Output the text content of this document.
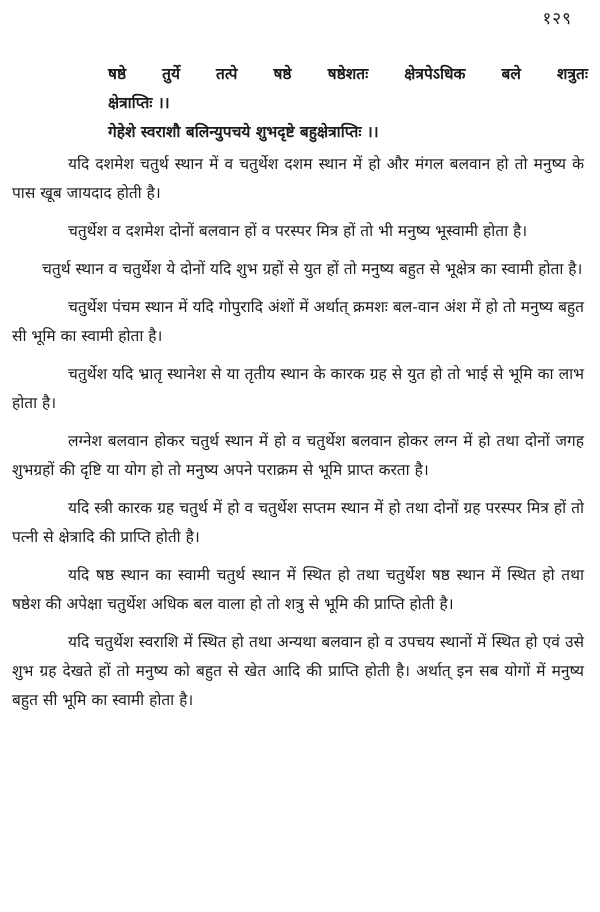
१२९
षष्ठे तुर्ये तत्पे षष्ठे षष्ठेशतः क्षेत्रपेऽधिक बले शत्रुतः
क्षेत्राप्तिः ।।
गेहेशे स्वराशौ बलिन्युपचये शुभदृष्टे बहुक्षेत्राप्तिः ।।

यदि दशमेश चतुर्थ स्थान में व चतुर्थेश दशम स्थान में हो और मंगल बलवान हो तो मनुष्य के पास खूब जायदाद होती है।

चतुर्थेश व दशमेश दोनों बलवान हों व परस्पर मित्र हों तो भी मनुष्य भूस्वामी होता है।

चतुर्थ स्थान व चतुर्थेश ये दोनों यदि शुभ ग्रहों से युत हों तो मनुष्य बहुत से भूक्षेत्र का स्वामी होता है।

चतुर्थेश पंचम स्थान में यदि गोपुरादि अंशों में अर्थात् क्रमशः बल-वान अंश में हो तो मनुष्य बहुत सी भूमि का स्वामी होता है।

चतुर्थेश यदि भ्रातृ स्थानेश से या तृतीय स्थान के कारक ग्रह से युत हो तो भाई से भूमि का लाभ होता है।

लग्नेश बलवान होकर चतुर्थ स्थान में हो व चतुर्थेश बलवान होकर लग्न में हो तथा दोनों जगह शुभग्रहों की दृष्टि या योग हो तो मनुष्य अपने पराक्रम से भूमि प्राप्त करता है।

यदि स्त्री कारक ग्रह चतुर्थ में हो व चतुर्थेश सप्तम स्थान में हो तथा दोनों ग्रह परस्पर मित्र हों तो पत्नी से क्षेत्रादि की प्राप्ति होती है।

यदि षष्ठ स्थान का स्वामी चतुर्थ स्थान में स्थित हो तथा चतुर्थेश षष्ठ स्थान में स्थित हो तथा षष्ठेश की अपेक्षा चतुर्थेश अधिक बल वाला हो तो शत्रु से भूमि की प्राप्ति होती है।

यदि चतुर्थेश स्वराशि में स्थित हो तथा अन्यथा बलवान हो व उपचय स्थानों में स्थित हो एवं उसे शुभ ग्रह देखते हों तो मनुष्य को बहुत से खेत आदि की प्राप्ति होती है। अर्थात् इन सब योगों में मनुष्य बहुत सी भूमि का स्वामी होता है।
